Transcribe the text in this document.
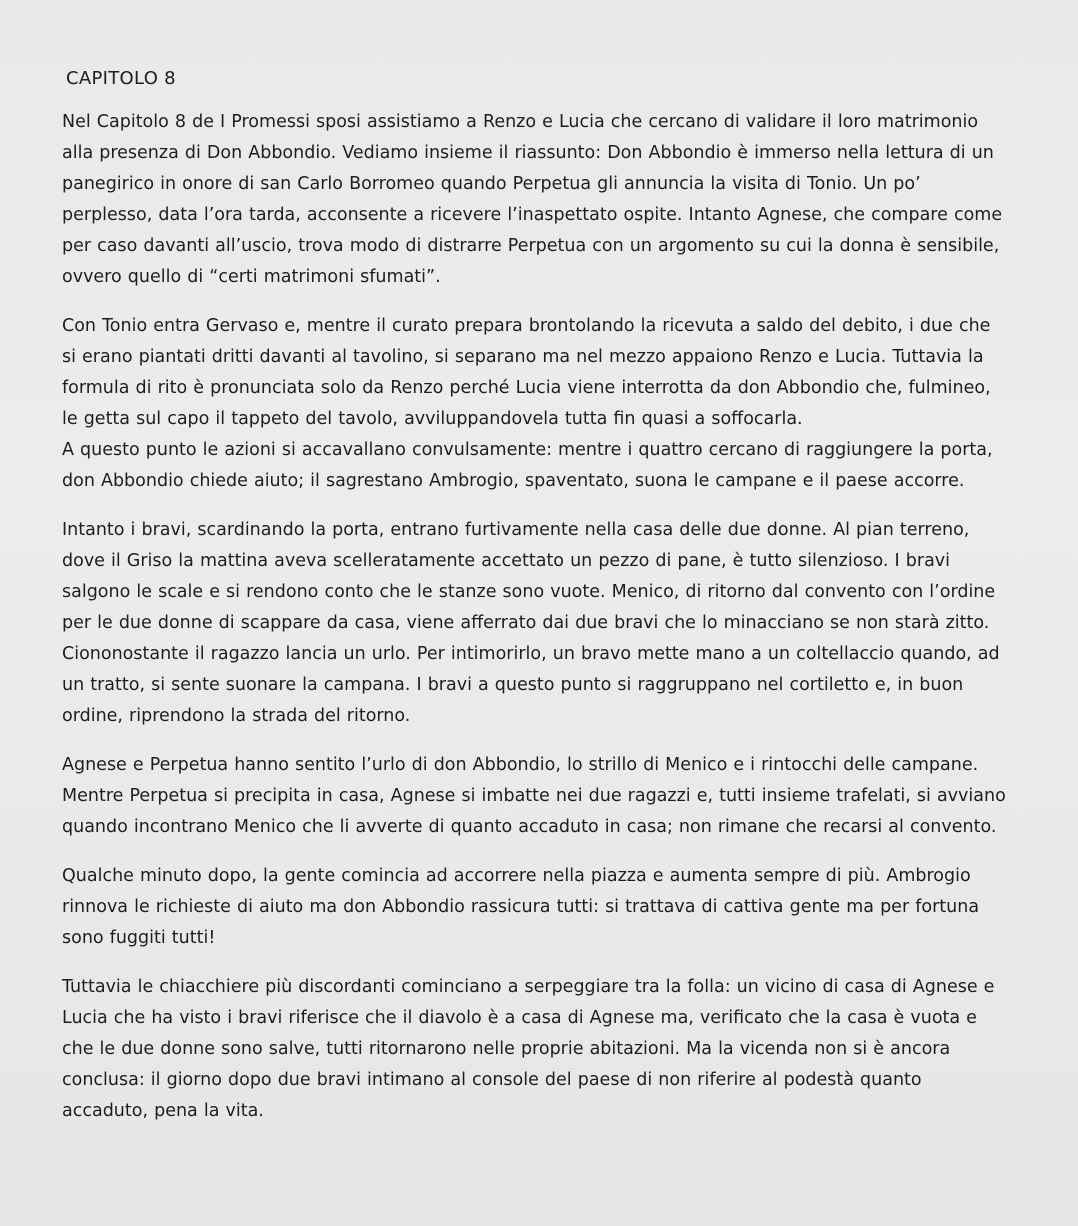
CAPITOLO 8

Nel Capitolo 8 de I Promessi sposi assistiamo a Renzo e Lucia che cercano di validare il loro matrimonio alla presenza di Don Abbondio. Vediamo insieme il riassunto: Don Abbondio è immerso nella lettura di un panegirico in onore di san Carlo Borromeo quando Perpetua gli annuncia la visita di Tonio. Un po’ perplesso, data l’ora tarda, acconsente a ricevere l’inaspettato ospite. Intanto Agnese, che compare come per caso davanti all’uscio, trova modo di distrarre Perpetua con un argomento su cui la donna è sensibile, ovvero quello di “certi matrimoni sfumati”.

Con Tonio entra Gervaso e, mentre il curato prepara brontolando la ricevuta a saldo del debito, i due che si erano piantati dritti davanti al tavolino, si separano ma nel mezzo appaiono Renzo e Lucia. Tuttavia la formula di rito è pronunciata solo da Renzo perché Lucia viene interrotta da don Abbondio che, fulmineo, le getta sul capo il tappeto del tavolo, avviluppandovela tutta fin quasi a soffocarla.

A questo punto le azioni si accavallano convulsamente: mentre i quattro cercano di raggiungere la porta, don Abbondio chiede aiuto; il sagrestano Ambrogio, spaventato, suona le campane e il paese accorre.

Intanto i bravi, scardinando la porta, entrano furtivamente nella casa delle due donne. Al pian terreno, dove il Griso la mattina aveva scelleratamente accettato un pezzo di pane, è tutto silenzioso. I bravi salgono le scale e si rendono conto che le stanze sono vuote. Menico, di ritorno dal convento con l’ordine per le due donne di scappare da casa, viene afferrato dai due bravi che lo minacciano se non starà zitto. Ciononostante il ragazzo lancia un urlo. Per intimorirlo, un bravo mette mano a un coltellaccio quando, ad un tratto, si sente suonare la campana. I bravi a questo punto si raggruppano nel cortiletto e, in buon ordine, riprendono la strada del ritorno.

Agnese e Perpetua hanno sentito l’urlo di don Abbondio, lo strillo di Menico e i rintocchi delle campane. Mentre Perpetua si precipita in casa, Agnese si imbatte nei due ragazzi e, tutti insieme trafelati, si avviano quando incontrano Menico che li avverte di quanto accaduto in casa; non rimane che recarsi al convento.

Qualche minuto dopo, la gente comincia ad accorrere nella piazza e aumenta sempre di più. Ambrogio rinnova le richieste di aiuto ma don Abbondio rassicura tutti: si trattava di cattiva gente ma per fortuna sono fuggiti tutti!

Tuttavia le chiacchiere più discordanti cominciano a serpeggiare tra la folla: un vicino di casa di Agnese e Lucia che ha visto i bravi riferisce che il diavolo è a casa di Agnese ma, verificato che la casa è vuota e che le due donne sono salve, tutti ritornarono nelle proprie abitazioni. Ma la vicenda non si è ancora conclusa: il giorno dopo due bravi intimano al console del paese di non riferire al podestà quanto accaduto, pena la vita.
